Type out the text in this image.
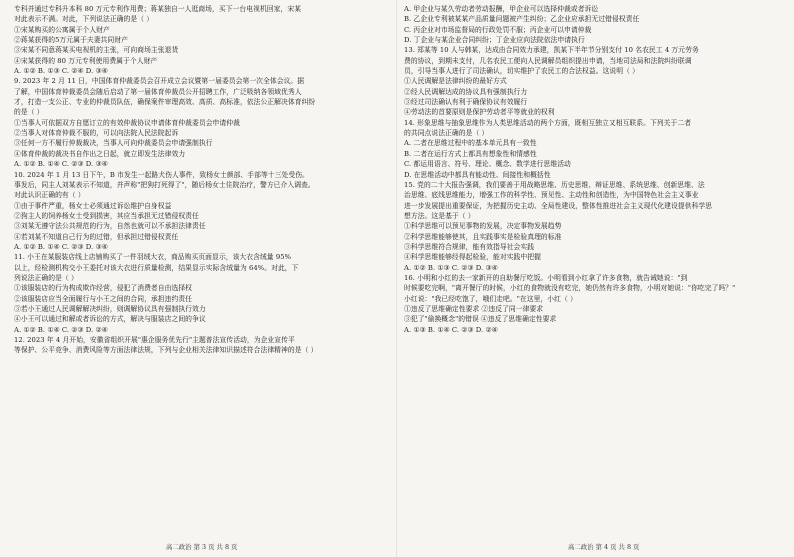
专科并通过专科升本科 80 万元专利作用费；蒋某独自一人逛商场，买下一台电视机回家，宋某
对此表示不满。对此，下列说法正确的是（ ）
①宋某购买的公寓属于个人财产
②蒋某获得的5万元属于夫妻共同财产
③宋某不同意蒋某买电视机的主张，可向商场主张退货
④宋某获得的 80 万元专利使用费属于个人财产
A. ①② B. ①③ C. ②④ D. ③④
9. 2023 年 2 月 11 日，中国体育仲裁委员会召开成立会议暨第一届委员会第一次全体会议。据
了解，中国体育仲裁委员会随后启动了第一届体育仲裁员公开招聘工作，广泛吸纳各领域优秀人
才，打造一支公正、专业的仲裁员队伍，确保案件审理高效、高质、高标准，依法公正解决体育纠纷
的是（ ）
①当事人可依据双方自愿订立的有效仲裁协议申请体育仲裁委员会申请仲裁
②当事人对体育仲裁不服的，可以向法院人民法院起诉
③任何一方不履行仲裁裁决，当事人可向仲裁委员会申请强制执行
④体育仲裁的裁决书自作出之日起，就立即发生法律效力
A. ①② B. ①④ C. ②③ D. ③④
10. 2024 年 1 月 13 日下午，B 市发生一起路犬伤人事件，致杨女士颜部、手部等十三处受伤。
事发后，同主人刘某表示不知道，并声称"把狗打死得了"，随后杨女士住院治疗，警方已介入调查。
对此认识正确的有（ ）
①由于事件严重，杨女士必须通过诉讼维护自身权益
②狗主人的饲养杨女士受到损害，其应当承担无过错侵权责任
③刘某无遵守法公共规范的行为，自然也就可以不承担法律责任
④若刘某不知道自己行为的过错，但承担过错侵权责任
A. ①② B. ①④ C. ②③ D. ③④
11. 小王在某服装店线上店铺购买了一件羽绒大衣，商品购买页面显示，该大衣含绒量 95%
以上，经检测机构交小王委托对该大衣进行质量检测，结果显示实际含绒量为 64%。对此，下
列说法正确的是（ ）
①该服装店的行为构成欺诈经营，侵犯了消费者自由选择权
②该服装店应当全面履行与小王之间的合同，承担违约责任
③若小王通过人民调解解决纠纷，则调解协议具有强制执行效力
④小王可以通过和解或者诉讼的方式，解决与服装店之间的争议
A. ①② B. ①④ C. ②③ D. ②④
12. 2023 年 4 月开始，安徽省组织开展"惠企服务优先行"主题普法宣传活动，为企业宣传平
等保护、公平竞争、消费风险等方面法律法规，下列与企业相关法律知识描述符合法律精神的是（ ）
A. 甲企业与某久劳动者劳动报酬，甲企业可以选择仲裁或者诉讼
B. 乙企业专利被某某产品质量问题被产生纠纷；乙企业应承担无过错侵权责任
C. 丙企业对市场监督局的行政处罚不服；丙企业可以申请仲裁
D. 丁企业与某企业合同纠纷；丁企业应向法院依法申请执行
13. 郑某等 10 人与韩某，达成由合同效力承建，凯某下半年节分别支付 10 名农民工 4 万元劳务
费的协议，到期未支付，几名农民工便向人民调解员组织提出申请，当地司法局和法院纠纷联调
员，引导当事人进行了司法确认，切实维护了农民工的合法权益。这说明（ ）
①人民调解是法律纠纷的最好方式
②经人民调解达成的协议具有强制执行力
③经过司法确认有利于确保协议有效履行
④劳动法的首要原则是保护劳动者平等就业的权利
14. 形象思维与抽象思维作为人类思维活动的两个方面，既相互独立又相互联系。下列关于二者
的共同点说法正确的是（ ）
A. 二者在思维过程中的基本单元具有一致性
B. 二者在运行方式上都具有想象性和情感性
C. 都运用语言、符号、理论、概念、数学进行思维活动
D. 在思维活动中都具有能动性、间接性和概括性
15. 党的二十大报告强调，我们要善于用战略思维、历史思维、辩证思维、系统思维、创新思维、法
治思维、底线思维能力，增强工作的科学性、预见性、主动性和创造性，为中国特色社会主义事业
进一步发展提出重要保证，为把握历史主动、全局性建设，整体性推进社会主义现代化建设提供科学思
想方法。这是基于（ ）
①科学思维可以预见事物的发展，决定事物发展趋势
②科学思维能够使其，且实践事实是检验真理的标准
③科学思维符合规律，能有效指导社会实践
④科学思维能够经得起检验，能对实践中把握
A. ①② B. ①③ C. ②③ D. ③④
16. 小明和小红的去一家新开的自助餐厅吃饭。小明看到小红拿了许多食物，就告诫她说："到
时候要吃完啊，"离开餐厅的时候，小红的食物就没有吃完，她仍然有许多食物，小明对她说："你吃完了吗？"
小红说："我已经吃饱了，哦们走吧。"在这里，小红（ ）
①违反了思维确定性要求 ②违反了同一律要求
③犯了"偷换概念"的错误 ④违反了思维确定性要求
A. ①③ B. ①④ C. ②③ D. ②④
高二政治 第 3 页 共 8 页	高二政治 第 4 页 共 8 页
